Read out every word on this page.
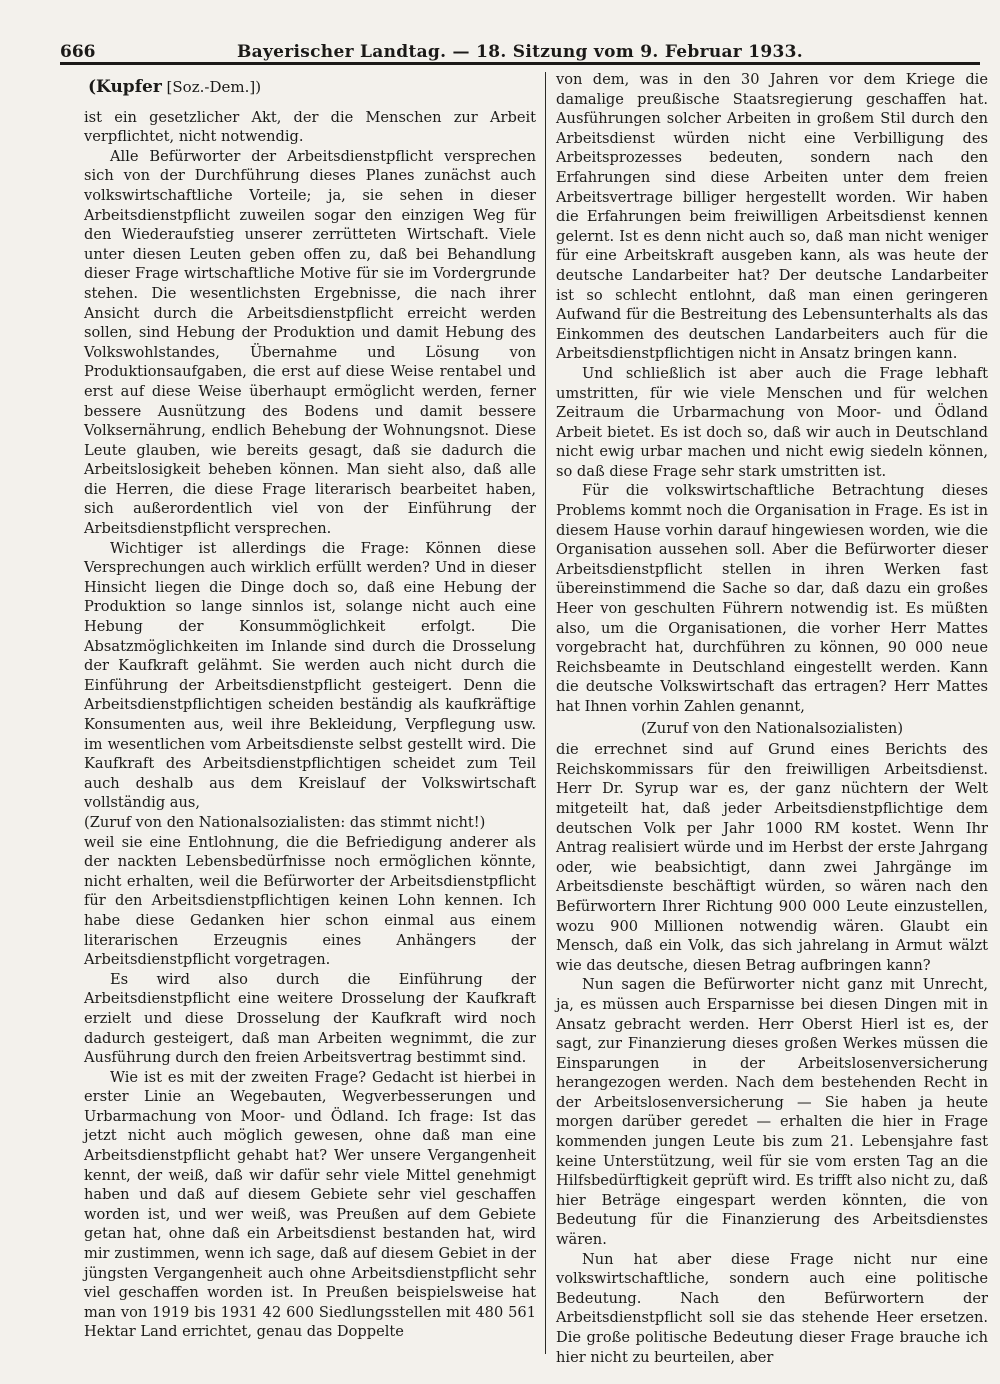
666	Bayerischer Landtag. — 18. Sitzung vom 9. Februar 1933.
(Kupfer [Soz.-Dem.])

ist ein gesetzlicher Akt, der die Menschen zur Arbeit verpflichtet, nicht notwendig.

Alle Befürworter der Arbeitsdienstpflicht versprechen sich von der Durchführung dieses Planes zunächst auch volkswirtschaftliche Vorteile; ja, sie sehen in dieser Arbeitsdienstpflicht zuweilen sogar den einzigen Weg für den Wiederaufstieg unserer zerrütteten Wirtschaft. Viele unter diesen Leuten geben offen zu, daß bei Behandlung dieser Frage wirtschaftliche Motive für sie im Vordergrunde stehen. Die wesentlichsten Ergebnisse, die nach ihrer Ansicht durch die Arbeitsdienstpflicht erreicht werden sollen, sind Hebung der Produktion und damit Hebung des Volkswohlstandes, Übernahme und Lösung von Produktionsaufgaben, die erst auf diese Weise rentabel und erst auf diese Weise überhaupt ermöglicht werden, ferner bessere Ausnützung des Bodens und damit bessere Volksernährung, endlich Behebung der Wohnungsnot. Diese Leute glauben, wie bereits gesagt, daß sie dadurch die Arbeitslosigkeit beheben können. Man sieht also, daß alle die Herren, die diese Frage literarisch bearbeitet haben, sich außerordentlich viel von der Einführung der Arbeitsdienstpflicht versprechen.

Wichtiger ist allerdings die Frage: Können diese Versprechungen auch wirklich erfüllt werden? Und in dieser Hinsicht liegen die Dinge doch so, daß eine Hebung der Produktion so lange sinnlos ist, solange nicht auch eine Hebung der Konsummöglichkeit erfolgt. Die Absatzmöglichkeiten im Inlande sind durch die Drosselung der Kaufkraft gelähmt. Sie werden auch nicht durch die Einführung der Arbeitsdienstpflicht gesteigert. Denn die Arbeitsdienstpflichtigen scheiden beständig als kaufkräftige Konsumenten aus, weil ihre Bekleidung, Verpflegung usw. im wesentlichen vom Arbeitsdienste selbst gestellt wird. Die Kaufkraft des Arbeitsdienstpflichtigen scheidet zum Teil auch deshalb aus dem Kreislauf der Volkswirtschaft vollständig aus,

(Zuruf von den Nationalsozialisten: das stimmt nicht!)

weil sie eine Entlohnung, die die Befriedigung anderer als der nackten Lebensbedürfnisse noch ermöglichen könnte, nicht erhalten, weil die Befürworter der Arbeitsdienstpflicht für den Arbeitsdienstpflichtigen keinen Lohn kennen. Ich habe diese Gedanken hier schon einmal aus einem literarischen Erzeugnis eines Anhängers der Arbeitsdienstpflicht vorgetragen.

Es wird also durch die Einführung der Arbeitsdienstpflicht eine weitere Drosselung der Kaufkraft erzielt und diese Drosselung der Kaufkraft wird noch dadurch gesteigert, daß man Arbeiten wegnimmt, die zur Ausführung durch den freien Arbeitsvertrag bestimmt sind.

Wie ist es mit der zweiten Frage? Gedacht ist hierbei in erster Linie an Wegebauten, Wegverbesserungen und Urbarmachung von Moor- und Ödland. Ich frage: Ist das jetzt nicht auch möglich gewesen, ohne daß man eine Arbeitsdienstpflicht gehabt hat? Wer unsere Vergangenheit kennt, der weiß, daß wir dafür sehr viele Mittel genehmigt haben und daß auf diesem Gebiete sehr viel geschaffen worden ist, und wer weiß, was Preußen auf dem Gebiete getan hat, ohne daß ein Arbeitsdienst bestanden hat, wird mir zustimmen, wenn ich sage, daß auf diesem Gebiet in der jüngsten Vergangenheit auch ohne Arbeitsdienstpflicht sehr viel geschaffen worden ist. In Preußen beispielsweise hat man von 1919 bis 1931 42 600 Siedlungsstellen mit 480 561 Hektar Land errichtet, genau das Doppelte

von dem, was in den 30 Jahren vor dem Kriege die damalige preußische Staatsregierung geschaffen hat. Ausführungen solcher Arbeiten in großem Stil durch den Arbeitsdienst würden nicht eine Verbilligung des Arbeitsprozesses bedeuten, sondern nach den Erfahrungen sind diese Arbeiten unter dem freien Arbeitsvertrage billiger hergestellt worden. Wir haben die Erfahrungen beim freiwilligen Arbeitsdienst kennen gelernt. Ist es denn nicht auch so, daß man nicht weniger für eine Arbeitskraft ausgeben kann, als was heute der deutsche Landarbeiter hat? Der deutsche Landarbeiter ist so schlecht entlohnt, daß man einen geringeren Aufwand für die Bestreitung des Lebensunterhalts als das Einkommen des deutschen Landarbeiters auch für die Arbeitsdienstpflichtigen nicht in Ansatz bringen kann.

Und schließlich ist aber auch die Frage lebhaft umstritten, für wie viele Menschen und für welchen Zeitraum die Urbarmachung von Moor- und Ödland Arbeit bietet. Es ist doch so, daß wir auch in Deutschland nicht ewig urbar machen und nicht ewig siedeln können, so daß diese Frage sehr stark umstritten ist.

Für die volkswirtschaftliche Betrachtung dieses Problems kommt noch die Organisation in Frage. Es ist in diesem Hause vorhin darauf hingewiesen worden, wie die Organisation aussehen soll. Aber die Befürworter dieser Arbeitsdienstpflicht stellen in ihren Werken fast übereinstimmend die Sache so dar, daß dazu ein großes Heer von geschulten Führern notwendig ist. Es müßten also, um die Organisationen, die vorher Herr Mattes vorgebracht hat, durchführen zu können, 90 000 neue Reichsbeamte in Deutschland eingestellt werden. Kann die deutsche Volkswirtschaft das ertragen? Herr Mattes hat Ihnen vorhin Zahlen genannt,

(Zuruf von den Nationalsozialisten)

die errechnet sind auf Grund eines Berichts des Reichskommissars für den freiwilligen Arbeitsdienst. Herr Dr. Syrup war es, der ganz nüchtern der Welt mitgeteilt hat, daß jeder Arbeitsdienstpflichtige dem deutschen Volk per Jahr 1000 RM kostet. Wenn Ihr Antrag realisiert würde und im Herbst der erste Jahrgang oder, wie beabsichtigt, dann zwei Jahrgänge im Arbeitsdienste beschäftigt würden, so wären nach den Befürwortern Ihrer Richtung 900 000 Leute einzustellen, wozu 900 Millionen notwendig wären. Glaubt ein Mensch, daß ein Volk, das sich jahrelang in Armut wälzt wie das deutsche, diesen Betrag aufbringen kann?

Nun sagen die Befürworter nicht ganz mit Unrecht, ja, es müssen auch Ersparnisse bei diesen Dingen mit in Ansatz gebracht werden. Herr Oberst Hierl ist es, der sagt, zur Finanzierung dieses großen Werkes müssen die Einsparungen in der Arbeitslosenversicherung herangezogen werden. Nach dem bestehenden Recht in der Arbeitslosenversicherung — Sie haben ja heute morgen darüber geredet — erhalten die hier in Frage kommenden jungen Leute bis zum 21. Lebensjahre fast keine Unterstützung, weil für sie vom ersten Tag an die Hilfsbedürftigkeit geprüft wird. Es trifft also nicht zu, daß hier Beträge eingespart werden könnten, die von Bedeutung für die Finanzierung des Arbeitsdienstes wären.

Nun hat aber diese Frage nicht nur eine volkswirtschaftliche, sondern auch eine politische Bedeutung. Nach den Befürwortern der Arbeitsdienstpflicht soll sie das stehende Heer ersetzen. Die große politische Bedeutung dieser Frage brauche ich hier nicht zu beurteilen, aber
